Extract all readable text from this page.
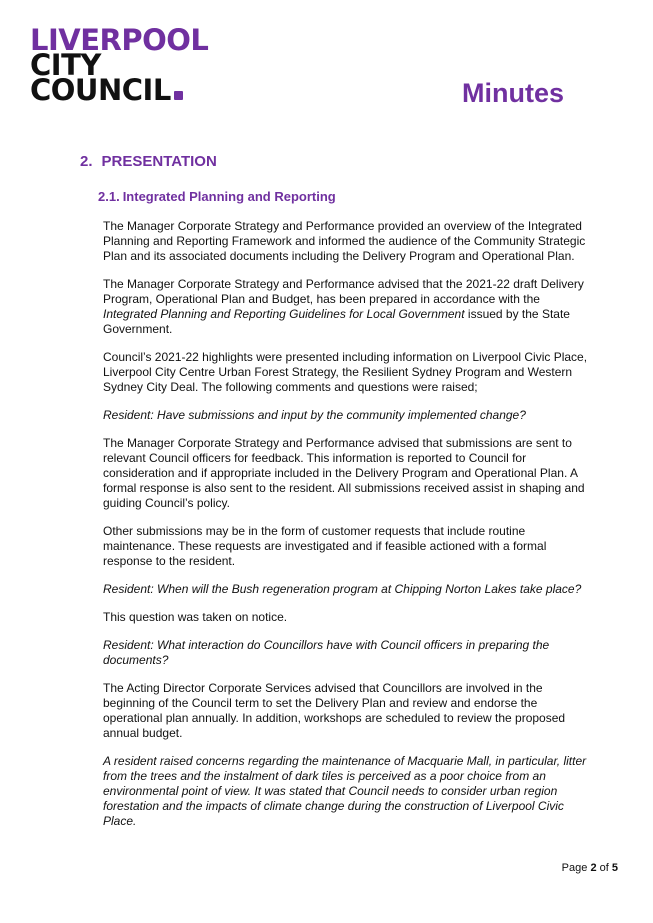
LIVERPOOL
CITY
COUNCIL	Minutes
2. PRESENTATION
2.1. Integrated Planning and Reporting

The Manager Corporate Strategy and Performance provided an overview of the Integrated Planning and Reporting Framework and informed the audience of the Community Strategic Plan and its associated documents including the Delivery Program and Operational Plan.

The Manager Corporate Strategy and Performance advised that the 2021-22 draft Delivery Program, Operational Plan and Budget, has been prepared in accordance with the Integrated Planning and Reporting Guidelines for Local Government issued by the State Government.

Council’s 2021-22 highlights were presented including information on Liverpool Civic Place, Liverpool City Centre Urban Forest Strategy, the Resilient Sydney Program and Western Sydney City Deal. The following comments and questions were raised;

Resident: Have submissions and input by the community implemented change?

The Manager Corporate Strategy and Performance advised that submissions are sent to relevant Council officers for feedback. This information is reported to Council for consideration and if appropriate included in the Delivery Program and Operational Plan. A formal response is also sent to the resident. All submissions received assist in shaping and guiding Council’s policy.

Other submissions may be in the form of customer requests that include routine maintenance. These requests are investigated and if feasible actioned with a formal response to the resident.

Resident: When will the Bush regeneration program at Chipping Norton Lakes take place?

This question was taken on notice.

Resident: What interaction do Councillors have with Council officers in preparing the documents?

The Acting Director Corporate Services advised that Councillors are involved in the beginning of the Council term to set the Delivery Plan and review and endorse the operational plan annually. In addition, workshops are scheduled to review the proposed annual budget.

A resident raised concerns regarding the maintenance of Macquarie Mall, in particular, litter from the trees and the instalment of dark tiles is perceived as a poor choice from an environmental point of view. It was stated that Council needs to consider urban region forestation and the impacts of climate change during the construction of Liverpool Civic Place.

Page 2 of 5
